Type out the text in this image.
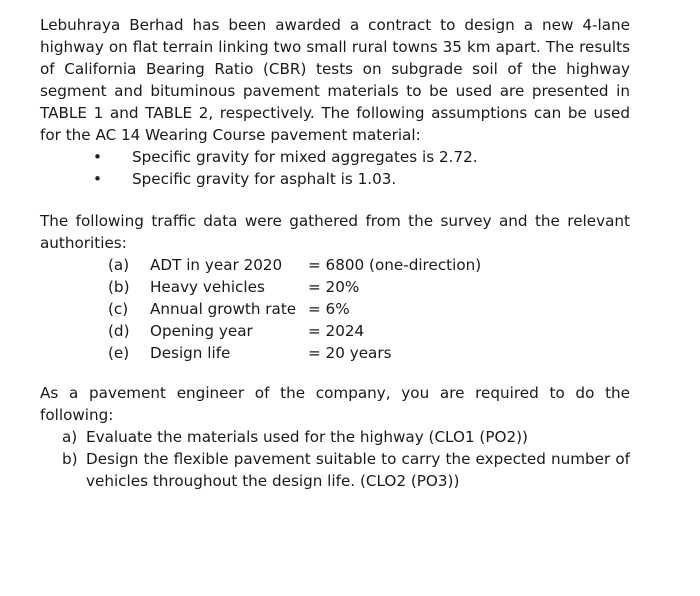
Lebuhraya Berhad has been awarded a contract to design a new 4-lane highway on flat terrain linking two small rural towns 35 km apart. The results of California Bearing Ratio (CBR) tests on subgrade soil of the highway segment and bituminous pavement materials to be used are presented in TABLE 1 and TABLE 2, respectively. The following assumptions can be used for the AC 14 Wearing Course pavement material:

• Specific gravity for mixed aggregates is 2.72.
• Specific gravity for asphalt is 1.03.

The following traffic data were gathered from the survey and the relevant authorities:

(a) ADT in year 2020 = 6800 (one-direction)
(b) Heavy vehicles	= 20%
(c) Annual growth rate = 6%
(d) Opening year	= 2024
(e) Design life	= 20 years

As a pavement engineer of the company, you are required to do the following:

a) Evaluate the materials used for the highway (CLO1 (PO2))
b) Design the flexible pavement suitable to carry the expected number of vehicles throughout the design life. (CLO2 (PO3))
